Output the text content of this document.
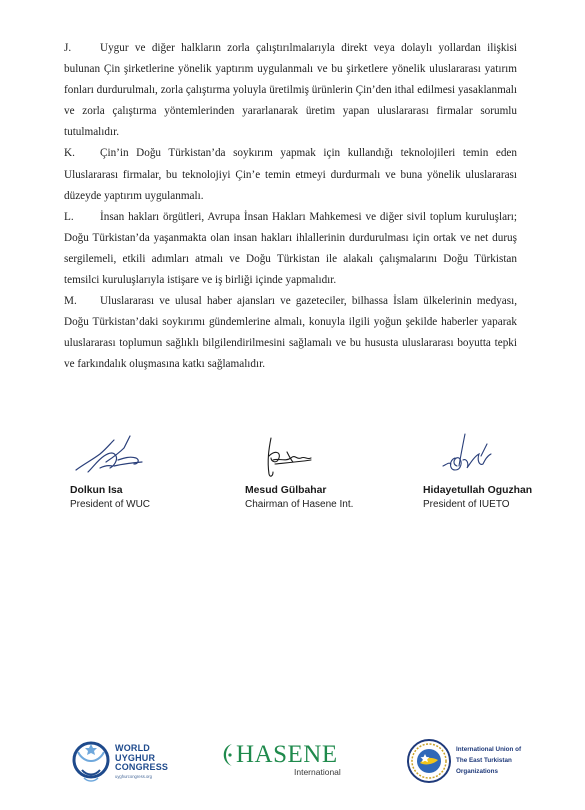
J.	Uygur ve diğer halkların zorla çalıştırılmalarıyla direkt veya dolaylı yollardan ilişkisi bulunan Çin şirketlerine yönelik yaptırım uygulanmalı ve bu şirketlere yönelik uluslararası yatırım fonları durdurulmalı, zorla çalıştırma yoluyla üretilmiş ürünlerin Çin’den ithal edilmesi yasaklanmalı ve zorla çalıştırma yöntemlerinden yararlanarak üretim yapan uluslararası firmalar sorumlu tutulmalıdır.

K. Çin’in Doğu Türkistan’da soykırım yapmak için kullandığı teknolojileri temin eden Uluslararası firmalar, bu teknolojiyi Çin’e temin etmeyi durdurmalı ve buna yönelik uluslararası düzeyde yaptırım uygulanmalı.

L. İnsan hakları örgütleri, Avrupa İnsan Hakları Mahkemesi ve diğer sivil toplum kuruluşları; Doğu Türkistan’da yaşanmakta olan insan hakları ihlallerinin durdurulması için ortak ve net duruş sergilemeli, etkili adımları atmalı ve Doğu Türkistan ile alakalı çalışmalarını Doğu Türkistan temsilci kuruluşlarıyla istişare ve iş birliği içinde yapmalıdır.

M. Uluslararası ve ulusal haber ajansları ve gazeteciler, bilhassa İslam ülkelerinin medyası, Doğu Türkistan’daki soykırımı gündemlerine almalı, konuyla ilgili yoğun şekilde haberler yaparak uluslararası toplumun sağlıklı bilgilendirilmesini sağlamalı ve bu hususta uluslararası boyutta tepki ve farkındalık oluşmasına katkı sağlamalıdır.

Dolkun Isa
President of WUC
Mesud Gülbahar
Chairman of Hasene Int.
Hidayetullah Oguzhan
President of IUETO
WORLD
UYGHUR
CONGRESS
uyghurcongress.org
HASENE
International
International Union of
The East Turkistan
Organizations
